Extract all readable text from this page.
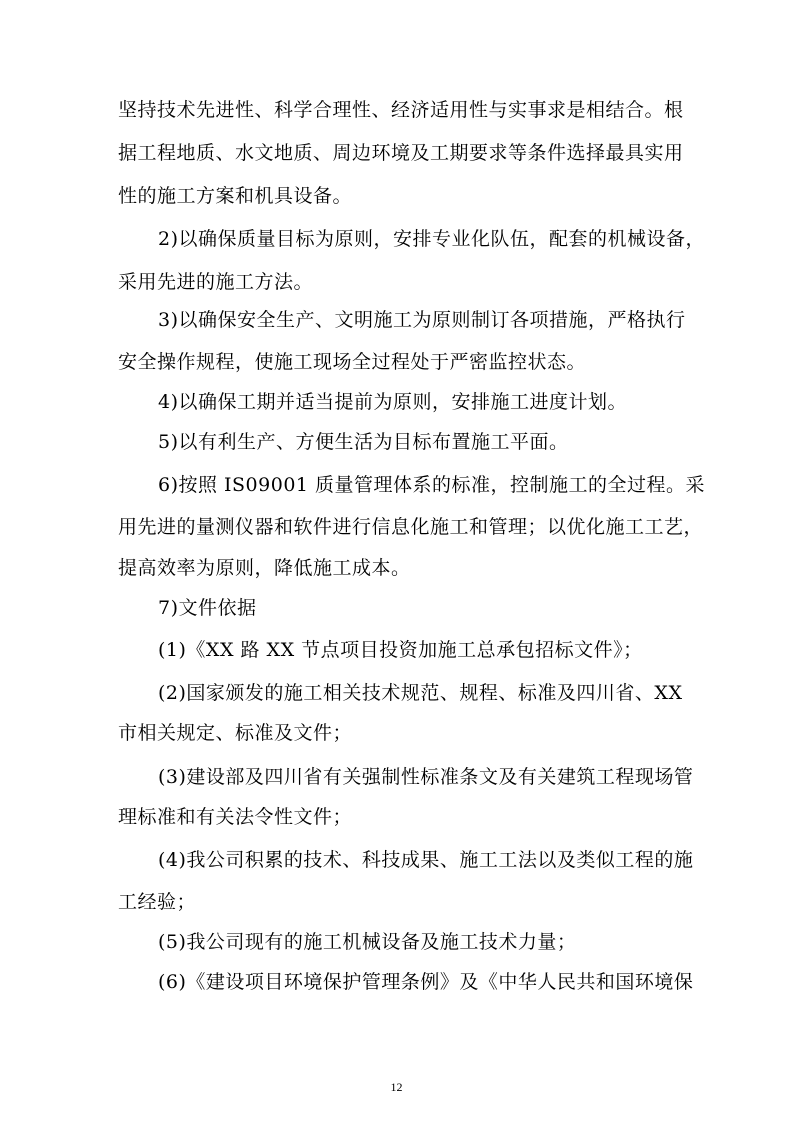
坚持技术先进性、科学合理性、经济适用性与实事求是相结合。根
据工程地质、水文地质、周边环境及工期要求等条件选择最具实用
性的施工方案和机具设备。
2)以确保质量目标为原则，安排专业化队伍，配套的机械设备，
采用先进的施工方法。
3)以确保安全生产、文明施工为原则制订各项措施，严格执行
安全操作规程，使施工现场全过程处于严密监控状态。
4)以确保工期并适当提前为原则，安排施工进度计划。
5)以有利生产、方便生活为目标布置施工平面。
6)按照 IS09001 质量管理体系的标准，控制施工的全过程。采
用先进的量测仪器和软件进行信息化施工和管理；以优化施工工艺，
提高效率为原则，降低施工成本。
7)文件依据
(1)《XX 路 XX 节点项目投资加施工总承包招标文件》；
(2)国家颁发的施工相关技术规范、规程、标准及四川省、XX
市相关规定、标准及文件；
(3)建设部及四川省有关强制性标准条文及有关建筑工程现场管
理标准和有关法令性文件；
(4)我公司积累的技术、科技成果、施工工法以及类似工程的施
工经验；
(5)我公司现有的施工机械设备及施工技术力量；
(6)《建设项目环境保护管理条例》及《中华人民共和国环境保
12
